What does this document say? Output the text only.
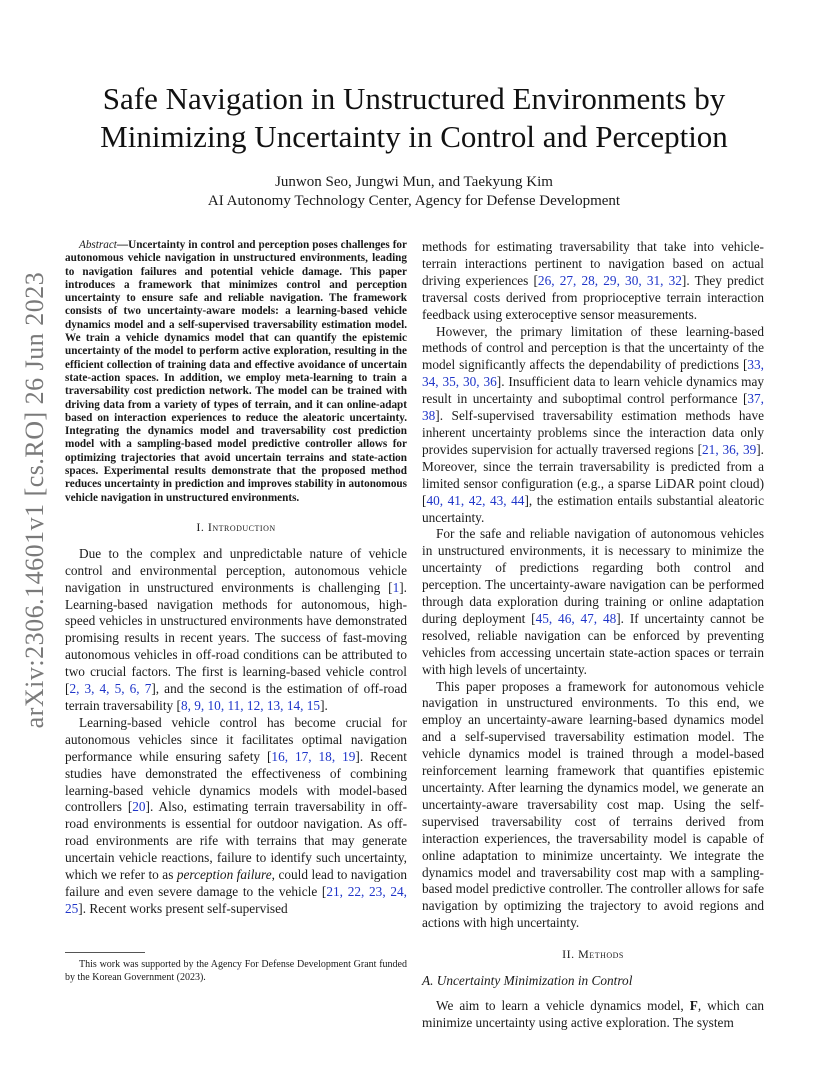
arXiv:2306.14601v1 [cs.RO] 26 Jun 2023
Safe Navigation in Unstructured Environments by
Minimizing Uncertainty in Control and Perception
Junwon Seo, Jungwi Mun, and Taekyung Kim
AI Autonomy Technology Center, Agency for Defense Development

Abstract—Uncertainty in control and perception poses challenges for autonomous vehicle navigation in unstructured environments, leading to navigation failures and potential vehicle damage. This paper introduces a framework that minimizes control and perception uncertainty to ensure safe and reliable navigation. The framework consists of two uncertainty-aware models: a learning-based vehicle dynamics model and a self-supervised traversability estimation model. We train a vehicle dynamics model that can quantify the epistemic uncertainty of the model to perform active exploration, resulting in the efficient collection of training data and effective avoidance of uncertain state-action spaces. In addition, we employ meta-learning to train a traversability cost prediction network. The model can be trained with driving data from a variety of types of terrain, and it can online-adapt based on interaction experiences to reduce the aleatoric uncertainty. Integrating the dynamics model and traversability cost prediction model with a sampling-based model predictive controller allows for optimizing trajectories that avoid uncertain terrains and state-action spaces. Experimental results demonstrate that the proposed method reduces uncertainty in prediction and improves stability in autonomous vehicle navigation in unstructured environments.

I. Introduction

Due to the complex and unpredictable nature of vehicle control and environmental perception, autonomous vehicle navigation in unstructured environments is challenging [1]. Learning-based navigation methods for autonomous, high-speed vehicles in unstructured environments have demonstrated promising results in recent years. The success of fast-moving autonomous vehicles in off-road conditions can be attributed to two crucial factors. The first is learning-based vehicle control [2, 3, 4, 5, 6, 7], and the second is the estimation of off-road terrain traversability [8, 9, 10, 11, 12, 13, 14, 15].

Learning-based vehicle control has become crucial for autonomous vehicles since it facilitates optimal navigation performance while ensuring safety [16, 17, 18, 19]. Recent studies have demonstrated the effectiveness of combining learning-based vehicle dynamics models with model-based controllers [20]. Also, estimating terrain traversability in off-road environments is essential for outdoor navigation. As off-road environments are rife with terrains that may generate uncertain vehicle reactions, failure to identify such uncertainty, which we refer to as perception failure, could lead to navigation failure and even severe damage to the vehicle [21, 22, 23, 24, 25]. Recent works present self-supervised

This work was supported by the Agency For Defense Development Grant funded by the Korean Government (2023).

methods for estimating traversability that take into vehicle-terrain interactions pertinent to navigation based on actual driving experiences [26, 27, 28, 29, 30, 31, 32]. They predict traversal costs derived from proprioceptive terrain interaction feedback using exteroceptive sensor measurements.

However, the primary limitation of these learning-based methods of control and perception is that the uncertainty of the model significantly affects the dependability of predictions [33, 34, 35, 30, 36]. Insufficient data to learn vehicle dynamics may result in uncertainty and suboptimal control performance [37, 38]. Self-supervised traversability estimation methods have inherent uncertainty problems since the interaction data only provides supervision for actually traversed regions [21, 36, 39]. Moreover, since the terrain traversability is predicted from a limited sensor configuration (e.g., a sparse LiDAR point cloud) [40, 41, 42, 43, 44], the estimation entails substantial aleatoric uncertainty.

For the safe and reliable navigation of autonomous vehicles in unstructured environments, it is necessary to minimize the uncertainty of predictions regarding both control and perception. The uncertainty-aware navigation can be performed through data exploration during training or online adaptation during deployment [45, 46, 47, 48]. If uncertainty cannot be resolved, reliable navigation can be enforced by preventing vehicles from accessing uncertain state-action spaces or terrain with high levels of uncertainty.

This paper proposes a framework for autonomous vehicle navigation in unstructured environments. To this end, we employ an uncertainty-aware learning-based dynamics model and a self-supervised traversability estimation model. The vehicle dynamics model is trained through a model-based reinforcement learning framework that quantifies epistemic uncertainty. After learning the dynamics model, we generate an uncertainty-aware traversability cost map. Using the self-supervised traversability cost of terrains derived from interaction experiences, the traversability model is capable of online adaptation to minimize uncertainty. We integrate the dynamics model and traversability cost map with a sampling-based model predictive controller. The controller allows for safe navigation by optimizing the trajectory to avoid regions and actions with high uncertainty.

II. Methods
A. Uncertainty Minimization in Control

We aim to learn a vehicle dynamics model, F, which can minimize uncertainty using active exploration. The system
